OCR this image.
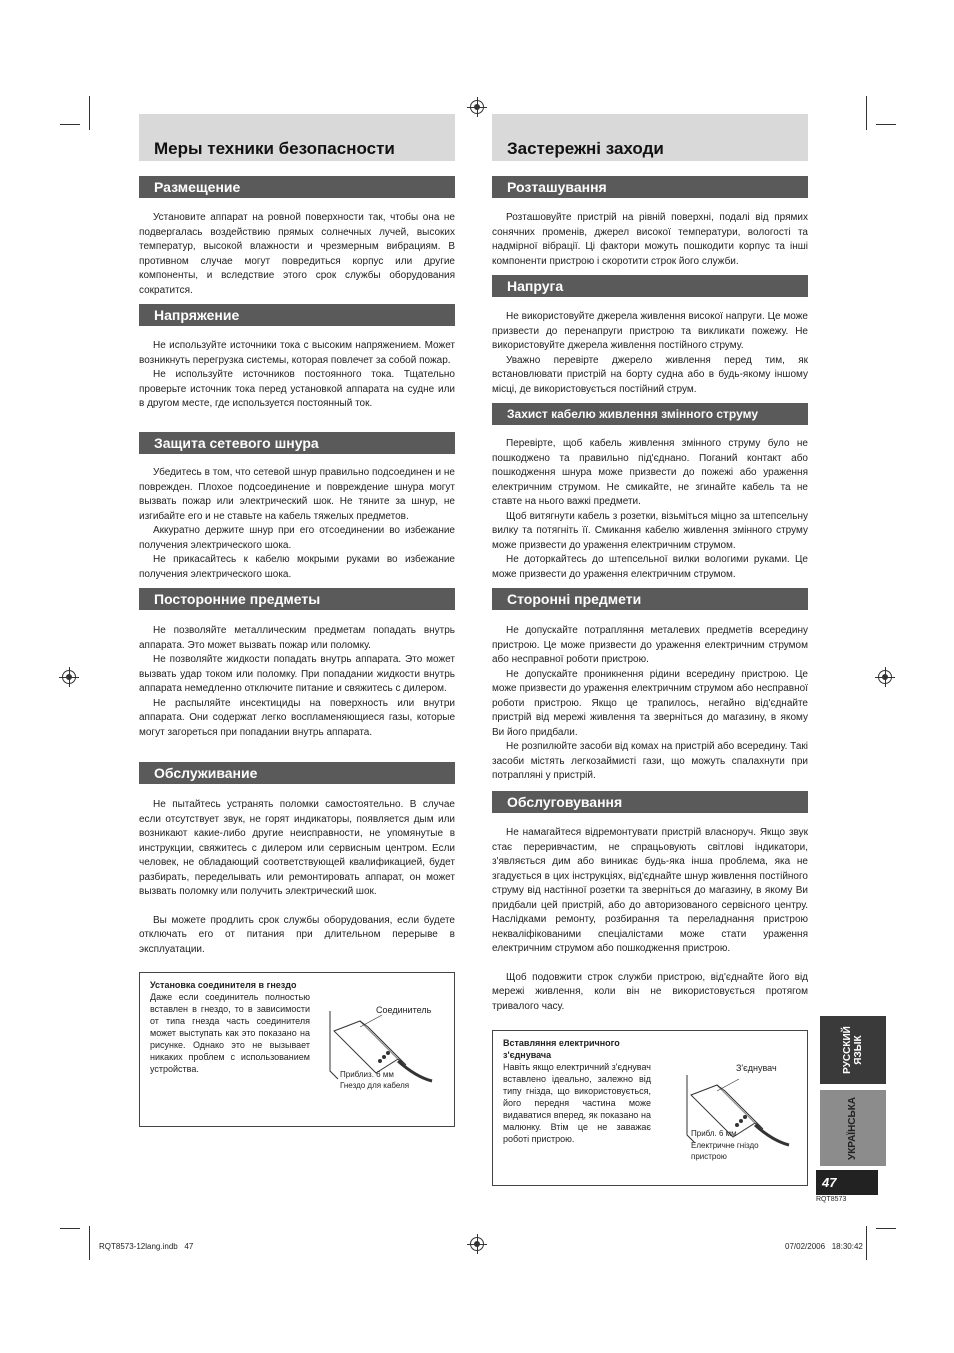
Меры техники безопасности
Размещение

Установите аппарат на ровной поверхности так, чтобы она не подвергалась воздействию прямых солнечных лучей, высоких температур, высокой влажности и чрезмерным вибрациям. В противном случае могут повредиться корпус или другие компоненты, и вследствие этого срок службы оборудования сократится.

Напряжение

Не используйте источники тока с высоким напряжением. Может возникнуть перегрузка системы, которая повлечет за собой пожар.

Не используйте источников постоянного тока. Тщательно проверьте источник тока перед установкой аппарата на судне или в другом месте, где используется постоянный ток.

Защита сетевого шнура

Убедитесь в том, что сетевой шнур правильно подсоединен и не поврежден. Плохое подсоединение и повреждение шнура могут вызвать пожар или электрический шок. Не тяните за шнур, не изгибайте его и не ставьте на кабель тяжелых предметов.

Аккуратно держите шнур при его отсоединении во избежание получения электрического шока.

Не прикасайтесь к кабелю мокрыми руками во избежание получения электрического шока.

Посторонние предметы

Не позволяйте металлическим предметам попадать внутрь аппарата. Это может вызвать пожар или поломку.

Не позволяйте жидкости попадать внутрь аппарата. Это может вызвать удар током или поломку. При попадании жидкости внутрь аппарата немедленно отключите питание и свяжитесь с дилером.

Не распыляйте инсектициды на поверхность или внутри аппарата. Они содержат легко воспламеняющиеся газы, которые могут загореться при попадании внутрь аппарата.

Обслуживание

Не пытайтесь устранять поломки самостоятельно. В случае если отсутствует звук, не горят индикаторы, появляется дым или возникают какие-либо другие неисправности, не упомянутые в инструкции, свяжитесь с дилером или сервисным центром. Если человек, не обладающий соответствующей квалификацией, будет разбирать, переделывать или ремонтировать аппарат, он может вызвать поломку или получить электрический шок.

Вы можете продлить срок службы оборудования, если будете отключать его от питания при длительном перерыве в эксплуатации.

Установка соединителя в гнездо
Даже если соединитель полностью вставлен в гнездо, то в зависимости от типа гнезда часть соединителя может выступать как это показано на рисунке. Однако это не вызывает никаких проблем с использованием устройства.
Соединитель
Приблиз. 6 мм
Гнездо для кабеля
Застережні заходи
Розташування

Розташовуйте пристрій на рівній поверхні, подалі від прямих сонячних променів, джерел високої температури, вологості та надмірної вібрації. Ці фактори можуть пошкодити корпус та інші компоненти пристрою і скоротити строк його служби.

Напруга

Не використовуйте джерела живлення високої напруги. Це може призвести до перенапруги пристрою та викликати пожежу. Не використовуйте джерела живлення постійного струму.

Уважно перевірте джерело живлення перед тим, як встановлювати пристрій на борту судна або в будь-якому іншому місці, де використовується постійний струм.

Захист кабелю живлення змінного струму

Перевірте, щоб кабель живлення змінного струму було не пошкоджено та правильно під'єднано. Поганий контакт або пошкодження шнура може призвести до пожежі або ураження електричним струмом. Не смикайте, не згинайте кабель та не ставте на нього важкі предмети.

Щоб витягнути кабель з розетки, візьміться міцно за штепсельну вилку та потягніть її. Смикання кабелю живлення змінного струму може призвести до ураження електричним струмом.

Не доторкайтесь до штепсельної вилки вологими руками. Це може призвести до ураження електричним струмом.

Сторонні предмети

Не допускайте потрапляння металевих предметів всередину пристрою. Це може призвести до ураження електричним струмом або несправної роботи пристрою.

Не допускайте проникнення рідини всередину пристрою. Це може призвести до ураження електричним струмом або несправної роботи пристрою. Якщо це трапилось, негайно від'єднайте пристрій від мережі живлення та зверніться до магазину, в якому Ви його придбали.

Не розпилюйте засоби від комах на пристрій або всередину. Такі засоби містять легкозаймисті гази, що можуть спалахнути при потрапляні у пристрій.

Обслуговування

Не намагайтеся відремонтувати пристрій власноруч. Якщо звук стає переривчастим, не спрацьовують світлові індикатори, з'являється дим або виникає будь-яка інша проблема, яка не згадується в цих інструкціях, від'єднайте шнур живлення постійного струму від настінної розетки та зверніться до магазину, в якому Ви придбали цей пристрій, або до авторизованого сервісного центру. Наслідками ремонту, розбирання та переладнання пристрою некваліфікованими спеціалістами може стати ураження електричним струмом або пошкодження пристрою.

Щоб подовжити строк служби пристрою, від'єднайте його від мережі живлення, коли він не використовується протягом тривалого часу.

Вставляння електричного з'єднувача
Навіть якщо електричний з'єднувач вставлено ідеально, залежно від типу гнізда, що використовується, його передня частина може видаватися вперед, як показано на малюнку. Втім це не заважає роботі пристрою.
З'єднувач
Прибл. 6 мм
Електричне гніздо пристрою
РУССКИЙ ЯЗЫК
УКРАЇНСЬКА
47
RQT8573
RQT8573-12lang.indb   47	07/02/2006   18:30:42
